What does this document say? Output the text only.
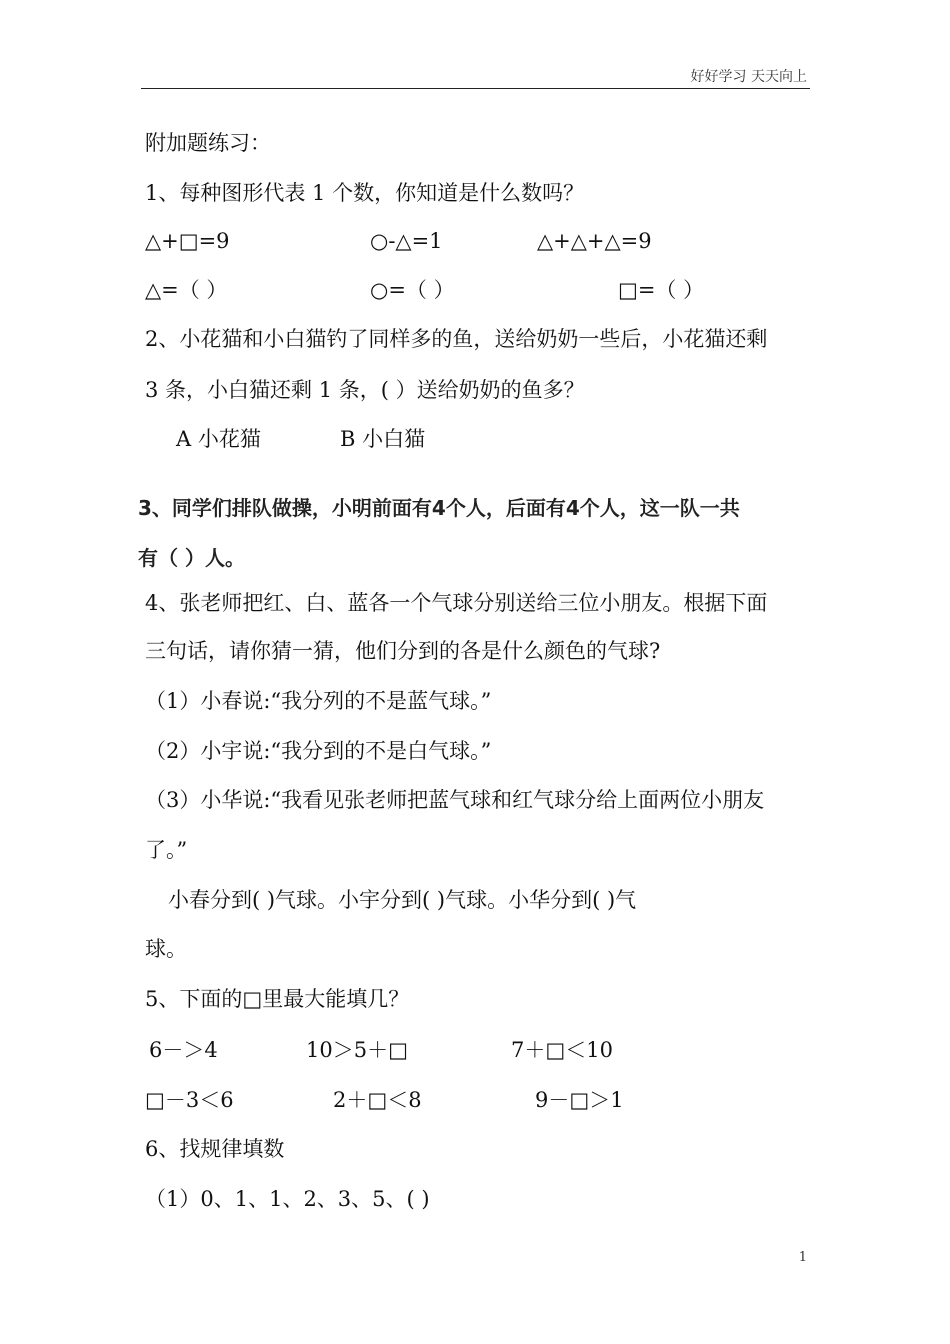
好好学习 天天向上
附加题练习：
1、每种图形代表 1 个数，你知道是什么数吗？
△+□=9	○-△=1	△+△+△=9
△=（ ）	○=（ ）	□=（ ）
2、小花猫和小白猫钓了同样多的鱼，送给奶奶一些后，小花猫还剩
3 条，小白猫还剩 1 条，( ）送给奶奶的鱼多？
A 小花猫	B 小白猫
3、同学们排队做操，小明前面有4个人，后面有4个人，这一队一共
有（ ）人。
4、张老师把红、白、蓝各一个气球分别送给三位小朋友。根据下面
三句话，请你猜一猜，他们分到的各是什么颜色的气球?
（1）小春说:“我分列的不是蓝气球。”
（2）小宇说:“我分到的不是白气球。”
（3）小华说:“我看见张老师把蓝气球和红气球分给上面两位小朋友
了。”
小春分到( )气球。小宇分到( )气球。小华分到( )气
球。
5、下面的□里最大能填几？
6－＞4	10＞5＋□	7＋□＜10
□－3＜6	2＋□＜8	9－□＞1
6、找规律填数
（1）0、1、1、2、3、5、( )
1
